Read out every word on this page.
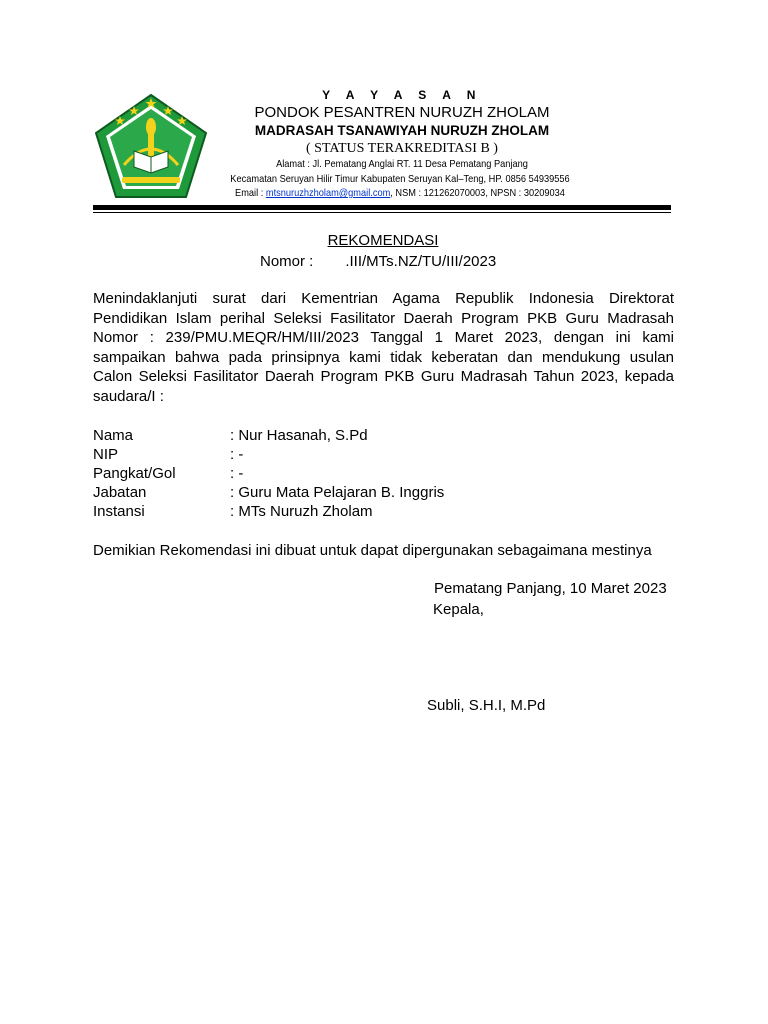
Y A Y A S A N
PONDOK PESANTREN NURUZH ZHOLAM
MADRASAH TSANAWIYAH NURUZH ZHOLAM
( STATUS TERAKREDITASI B )
Alamat : Jl. Pematang Anglai RT. 11 Desa Pematang Panjang
Kecamatan Seruyan Hilir Timur Kabupaten Seruyan Kal–Teng, HP. 0856 54939556
Email : mtsnuruzhzholam@gmail.com, NSM : 121262070003, NPSN : 30209034
REKOMENDASI
Nomor : .III/MTs.NZ/TU/III/2023
Menindaklanjuti surat dari Kementrian Agama Republik Indonesia Direktorat
Pendidikan Islam perihal Seleksi Fasilitator Daerah Program PKB Guru Madrasah
Nomor : 239/PMU.MEQR/HM/III/2023 Tanggal 1 Maret 2023, dengan ini kami
sampaikan bahwa pada prinsipnya kami tidak keberatan dan mendukung usulan
Calon Seleksi Fasilitator Daerah Program PKB Guru Madrasah Tahun 2023, kepada
saudara/I :
Nama	: Nur Hasanah, S.Pd
NIP	: -
Pangkat/Gol	: -
Jabatan	: Guru Mata Pelajaran B. Inggris
Instansi	: MTs Nuruzh Zholam
Demikian Rekomendasi ini dibuat untuk dapat dipergunakan sebagaimana mestinya
Pematang Panjang, 10 Maret 2023
Kepala,
Subli, S.H.I, M.Pd
